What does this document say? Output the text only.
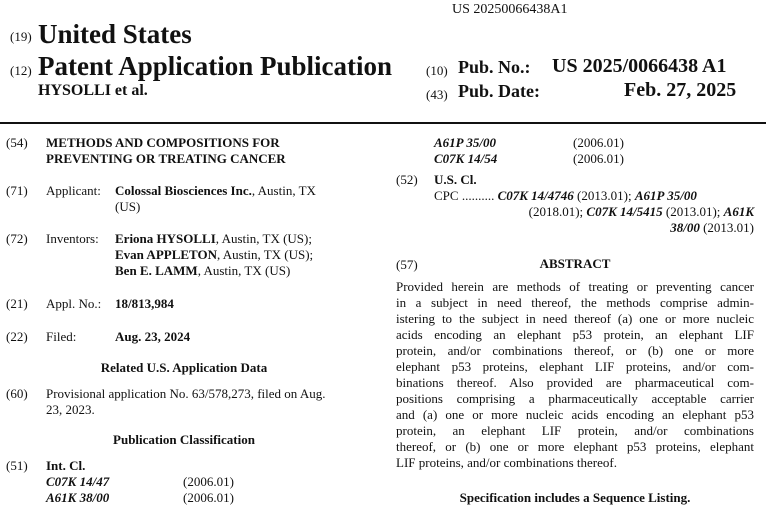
US 20250066438A1
(19) United States
(12) Patent Application Publication
HYSOLLI et al.
(10) Pub. No.: US 2025/0066438 A1
(43) Pub. Date:	Feb. 27, 2025
(54) METHODS AND COMPOSITIONS FOR
PREVENTING OR TREATING CANCER
(71) Applicant: Colossal Biosciences Inc., Austin, TX
(US)
(72) Inventors: Eriona HYSOLLI, Austin, TX (US);
Evan APPLETON, Austin, TX (US);
Ben E. LAMM, Austin, TX (US)
(21) Appl. No.: 18/813,984
(22) Filed:	Aug. 23, 2024
Related U.S. Application Data
(60) Provisional application No. 63/578,273, filed on Aug.
23, 2023.
Publication Classification
(51) Int. Cl.
C07K 14/47	(2006.01)
A61K 38/00	(2006.01)
A61P 35/00	(2006.01)
C07K 14/54	(2006.01)
(52) U.S. Cl.
CPC .......... C07K 14/4746 (2013.01); A61P 35/00
(2018.01); C07K 14/5415 (2013.01); A61K
38/00 (2013.01)
(57)	ABSTRACT
Provided herein are methods of treating or preventing cancer
in a subject in need thereof, the methods comprise admin-
istering to the subject in need thereof (a) one or more nucleic
acids encoding an elephant p53 protein, an elephant LIF
protein, and/or combinations thereof, or (b) one or more
elephant p53 proteins, elephant LIF proteins, and/or com-
binations thereof. Also provided are pharmaceutical com-
positions comprising a pharmaceutically acceptable carrier
and (a) one or more nucleic acids encoding an elephant p53
protein, an elephant LIF protein, and/or combinations
thereof, or (b) one or more elephant p53 proteins, elephant
LIF proteins, and/or combinations thereof.
Specification includes a Sequence Listing.
